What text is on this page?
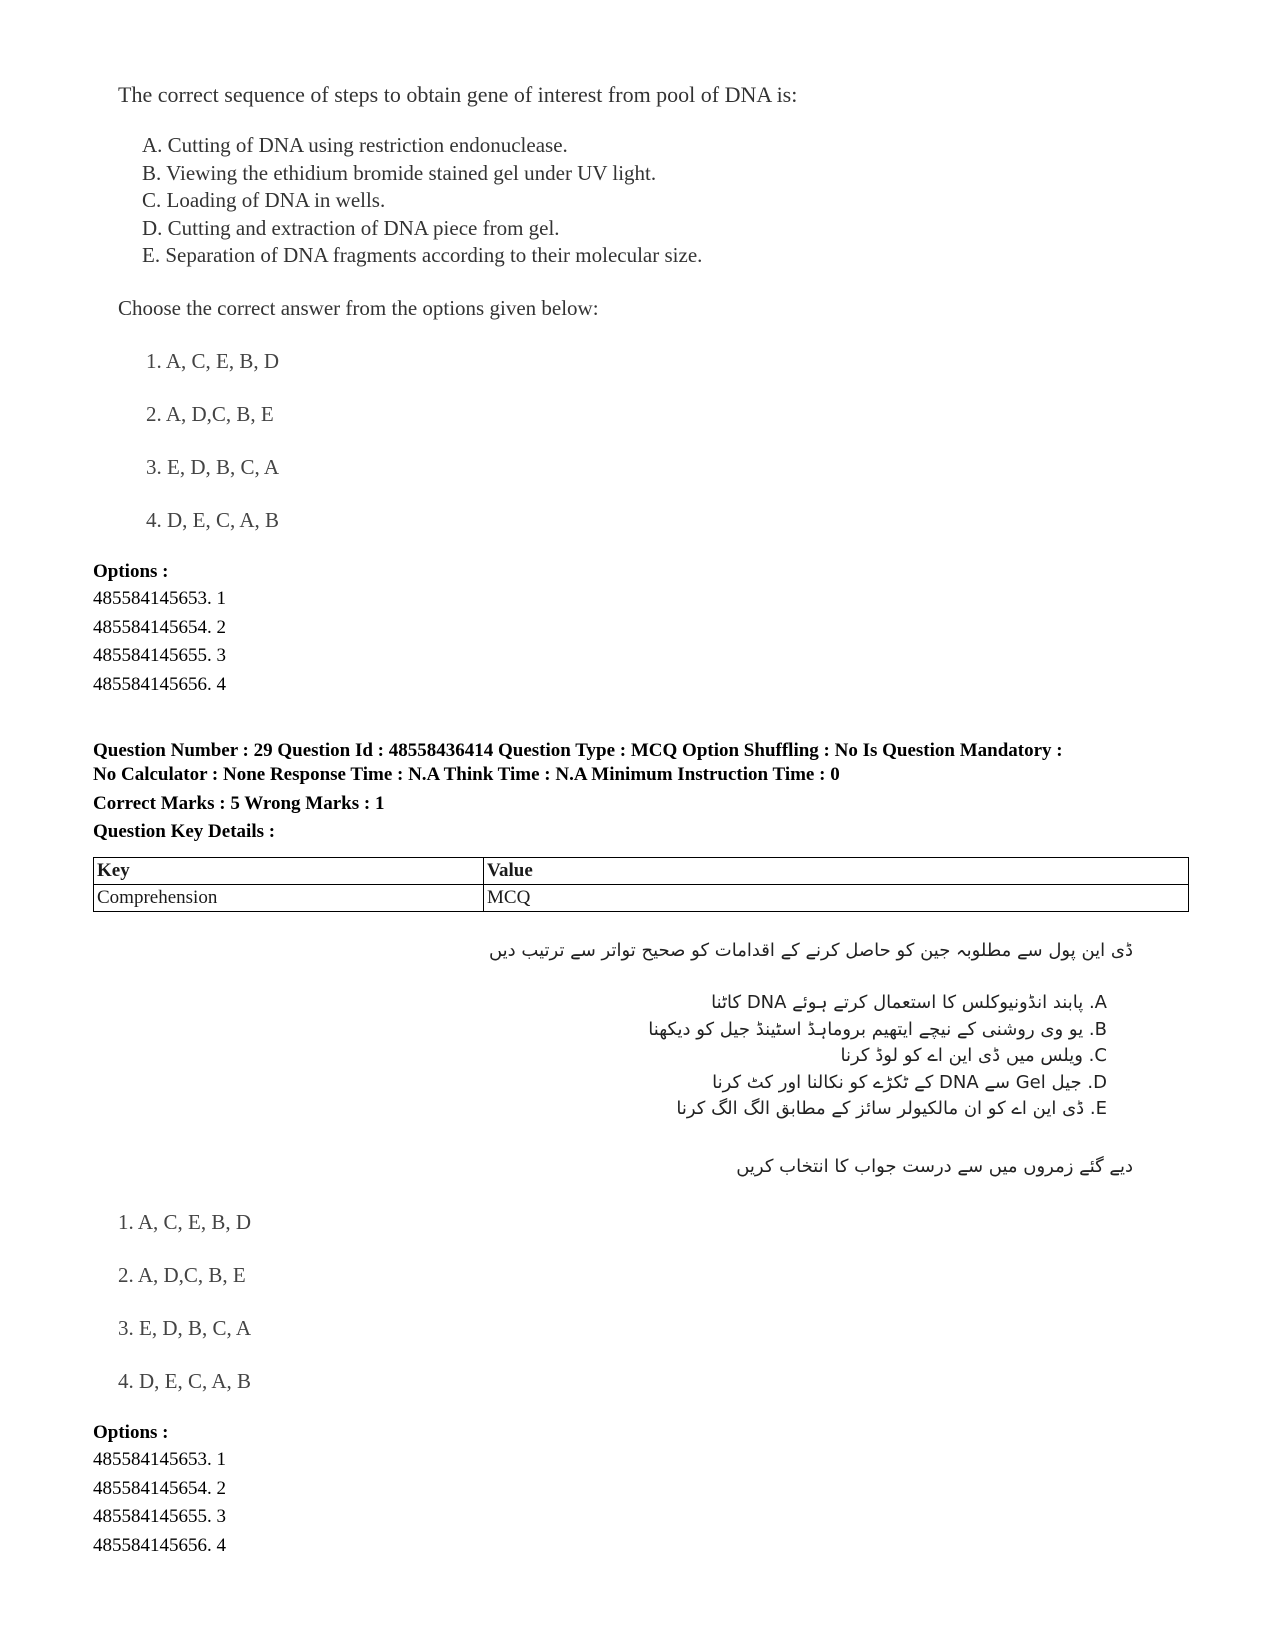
The correct sequence of steps to obtain gene of interest from pool of DNA is:
A. Cutting of DNA using restriction endonuclease.
B. Viewing the ethidium bromide stained gel under UV light.
C. Loading of DNA in wells.
D. Cutting and extraction of DNA piece from gel.
E. Separation of DNA fragments according to their molecular size.
Choose the correct answer from the options given below:
1. A, C, E, B, D
2. A, D,C, B, E
3. E, D, B, C, A
4. D, E, C, A, B
Options :
485584145653. 1
485584145654. 2
485584145655. 3
485584145656. 4
Question Number : 29 Question Id : 48558436414 Question Type : MCQ Option Shuffling : No Is Question Mandatory :
No Calculator : None Response Time : N.A Think Time : N.A Minimum Instruction Time : 0
Correct Marks : 5 Wrong Marks : 1
Question Key Details :
Key	Value
Comprehension	MCQ
ڈی این پول سے مطلوبہ جین کو حاصل کرنے کے اقدامات کو صحیح تواتر سے ترتیب دیں
A. پابند انڈونیوکلس کا استعمال کرتے ہوئے DNA کاٹنا
B. یو وی روشنی کے نیچے ایتھیم بروماہڈ اسٹینڈ جیل کو دیکھنا
C. ویلس میں ڈی این اے کو لوڈ کرنا
D. جیل Gel سے DNA کے ٹکڑے کو نکالنا اور کٹ کرنا
E. ڈی این اے کو ان مالکیولر سائز کے مطابق الگ الگ کرنا
دیے گئے زمروں میں سے درست جواب کا انتخاب کریں
1. A, C, E, B, D
2. A, D,C, B, E
3. E, D, B, C, A
4. D, E, C, A, B
Options :
485584145653. 1
485584145654. 2
485584145655. 3
485584145656. 4
